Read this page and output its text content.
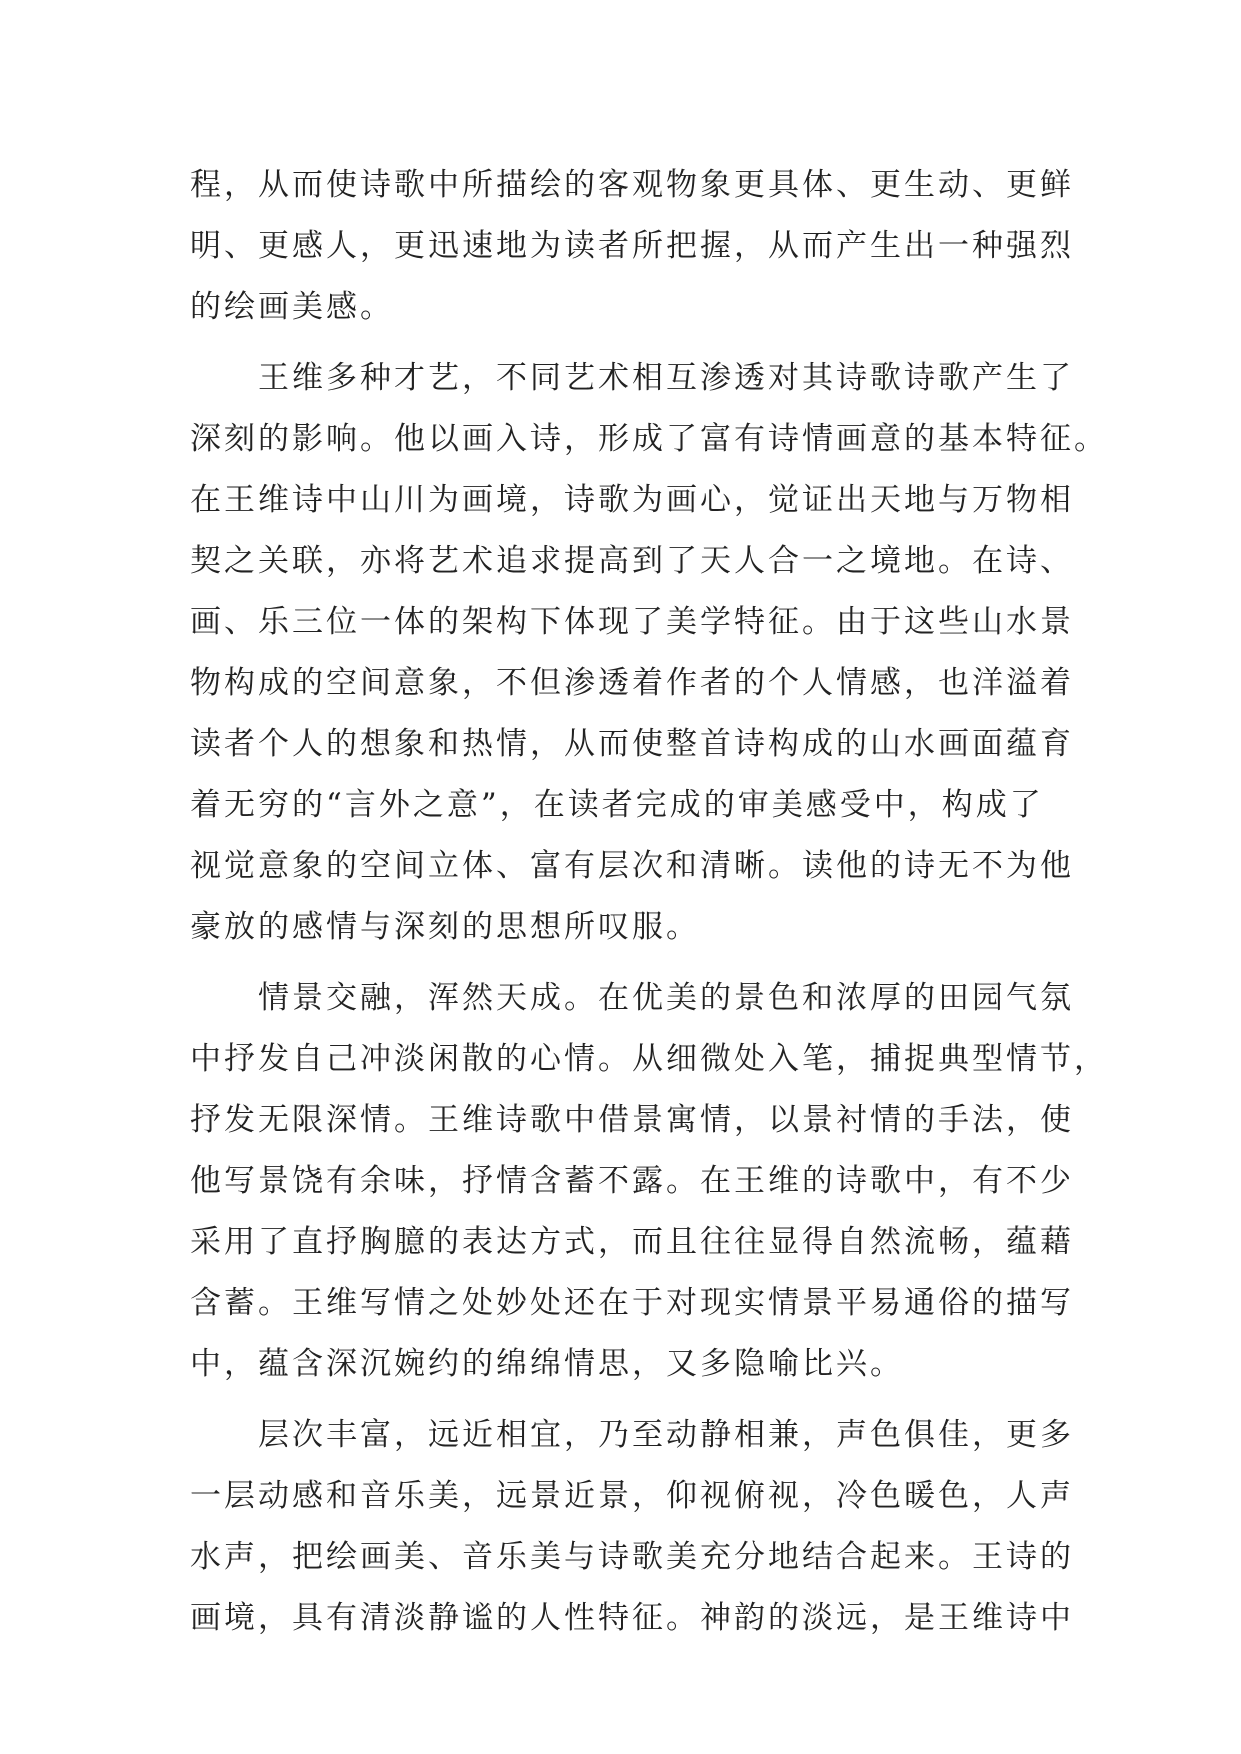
程，从而使诗歌中所描绘的客观物象更具体、更生动、更鲜
明、更感人，更迅速地为读者所把握，从而产生出一种强烈
的绘画美感。
王维多种才艺，不同艺术相互渗透对其诗歌诗歌产生了
深刻的影响。他以画入诗，形成了富有诗情画意的基本特征。
在王维诗中山川为画境，诗歌为画心，觉证出天地与万物相
契之关联，亦将艺术追求提高到了天人合一之境地。在诗、
画、乐三位一体的架构下体现了美学特征。由于这些山水景
物构成的空间意象，不但渗透着作者的个人情感，也洋溢着
读者个人的想象和热情，从而使整首诗构成的山水画面蕴育
着无穷的“言外之意”，在读者完成的审美感受中，构成了
视觉意象的空间立体、富有层次和清晰。读他的诗无不为他
豪放的感情与深刻的思想所叹服。
情景交融，浑然天成。在优美的景色和浓厚的田园气氛
中抒发自己冲淡闲散的心情。从细微处入笔，捕捉典型情节，
抒发无限深情。王维诗歌中借景寓情，以景衬情的手法，使
他写景饶有余味，抒情含蓄不露。在王维的诗歌中，有不少
采用了直抒胸臆的表达方式，而且往往显得自然流畅，蕴藉
含蓄。王维写情之处妙处还在于对现实情景平易通俗的描写
中，蕴含深沉婉约的绵绵情思，又多隐喻比兴。
层次丰富，远近相宜，乃至动静相兼，声色俱佳，更多
一层动感和音乐美，远景近景，仰视俯视，冷色暖色，人声
水声，把绘画美、音乐美与诗歌美充分地结合起来。王诗的
画境，具有清淡静谧的人性特征。神韵的淡远，是王维诗中
